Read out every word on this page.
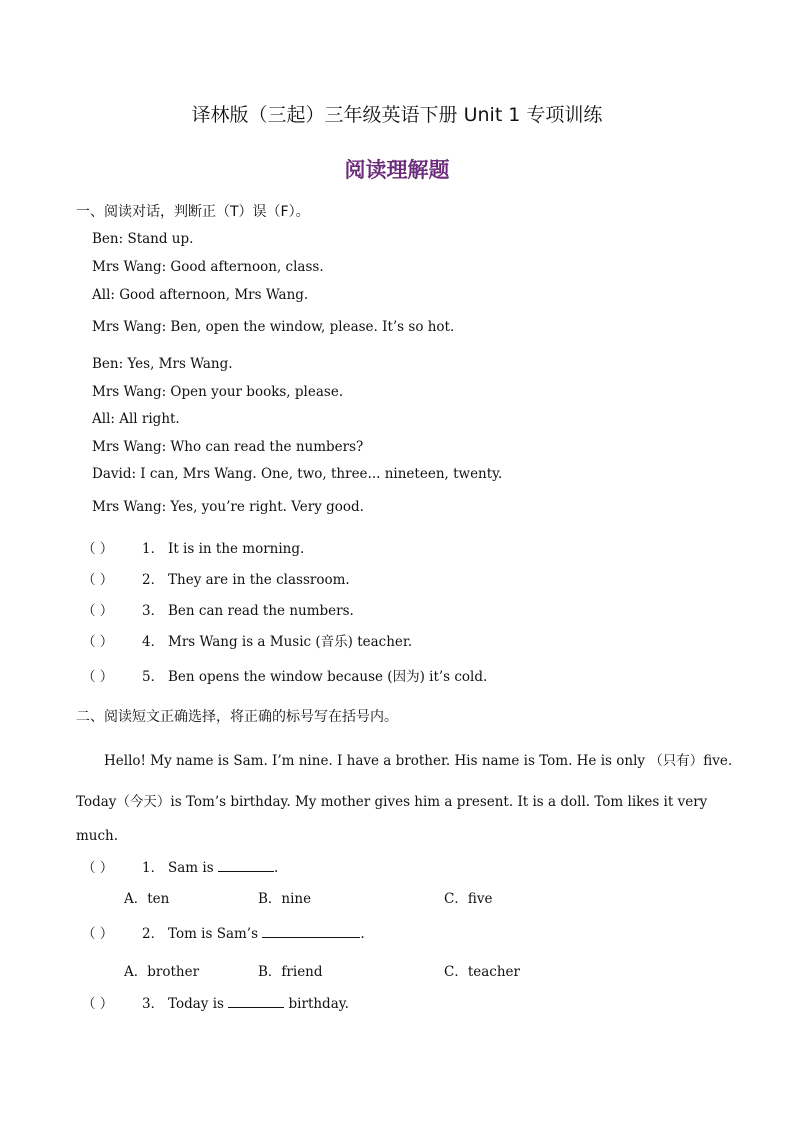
译林版（三起）三年级英语下册 Unit 1 专项训练
阅读理解题
一、阅读对话，判断正（T）误（F）。
Ben: Stand up.
Mrs Wang: Good afternoon, class.
All: Good afternoon, Mrs Wang.
Mrs Wang: Ben, open the window, please. It’s so hot.
Ben: Yes, Mrs Wang.
Mrs Wang: Open your books, please.
All: All right.
Mrs Wang: Who can read the numbers?
David: I can, Mrs Wang. One, two, three... nineteen, twenty.
Mrs Wang: Yes, you’re right. Very good.
（ ） 1． It is in the morning.
（ ） 2． They are in the classroom.
（ ） 3． Ben can read the numbers.
（ ） 4． Mrs Wang is a Music (音乐) teacher.
（ ） 5． Ben opens the window because (因为) it’s cold.
二、阅读短文正确选择，将正确的标号写在括号内。
Hello! My name is Sam. I’m nine. I have a brother. His name is Tom. He is only （只有）five.
Today（今天）is Tom’s birthday. My mother gives him a present. It is a doll. Tom likes it very
much.
（ ） 1． Sam is	.
A．ten	B．nine	C．five
（ ） 2． Tom is Sam’s	.
A．brother	B．friend	C．teacher
（ ） 3． Today is	birthday.
